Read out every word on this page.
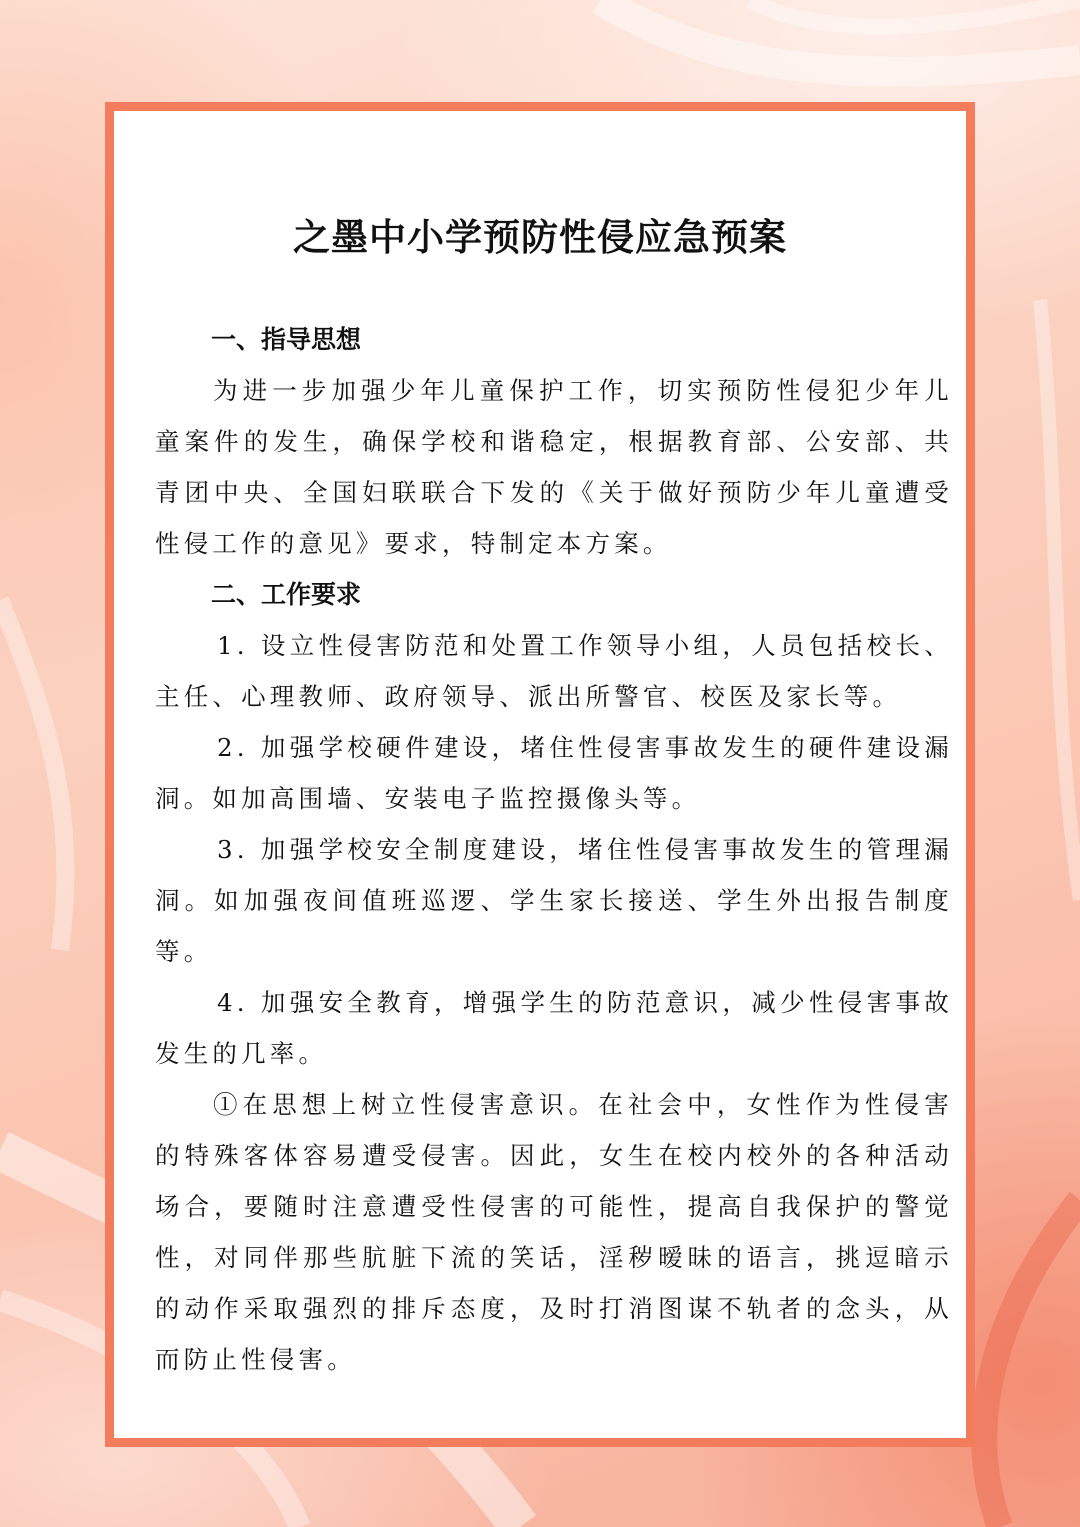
之墨中小学预防性侵应急预案
一、指导思想

为进一步加强少年儿童保护工作，切实预防性侵犯少年儿童案件的发生，确保学校和谐稳定，根据教育部、公安部、共青团中央、全国妇联联合下发的《关于做好预防少年儿童遭受性侵工作的意见》要求，特制定本方案。

二、工作要求

1. 设立性侵害防范和处置工作领导小组，人员包括校长、主任、心理教师、政府领导、派出所警官、校医及家长等。

2. 加强学校硬件建设，堵住性侵害事故发生的硬件建设漏洞。如加高围墙、安装电子监控摄像头等。

3. 加强学校安全制度建设，堵住性侵害事故发生的管理漏洞。如加强夜间值班巡逻、学生家长接送、学生外出报告制度等。

4. 加强安全教育，增强学生的防范意识，减少性侵害事故发生的几率。

①在思想上树立性侵害意识。在社会中，女性作为性侵害的特殊客体容易遭受侵害。因此，女生在校内校外的各种活动场合，要随时注意遭受性侵害的可能性，提高自我保护的警觉性，对同伴那些肮脏下流的笑话，淫秽暧昧的语言，挑逗暗示的动作采取强烈的排斥态度，及时打消图谋不轨者的念头，从而防止性侵害。
